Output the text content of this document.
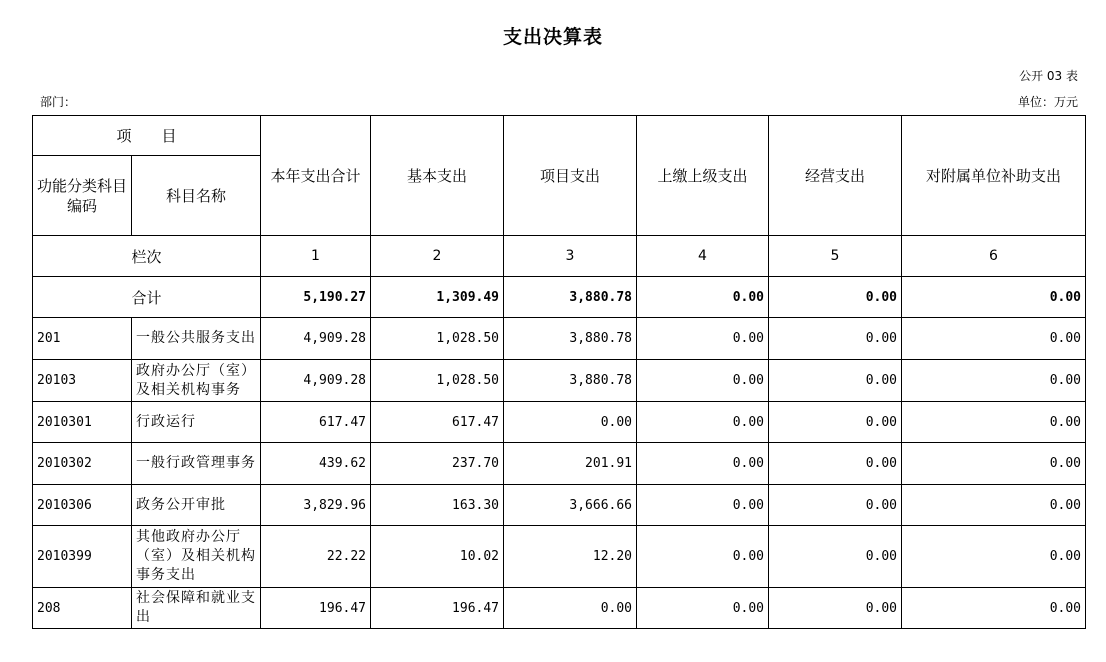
支出决算表
公开 03 表
部门：	单位：万元
项　　目		本年支出合计	基本支出	项目支出	上缴上级支出	经营支出	对附属单位补助支出
功能分类科目编码	科目名称						
栏次		1	2	3	4	5	6
合计		5,190.27	1,309.49	3,880.78	0.00	0.00	0.00
201	一般公共服务支出	4,909.28	1,028.50	3,880.78	0.00	0.00	0.00
20103	政府办公厅（室）及相关机构事务	4,909.28	1,028.50	3,880.78	0.00	0.00	0.00
2010301	行政运行	617.47	617.47	0.00	0.00	0.00	0.00
2010302	一般行政管理事务	439.62	237.70	201.91	0.00	0.00	0.00
2010306	政务公开审批	3,829.96	163.30	3,666.66	0.00	0.00	0.00
2010399	其他政府办公厅（室）及相关机构事务支出	22.22	10.02	12.20	0.00	0.00	0.00
208	社会保障和就业支出	196.47	196.47	0.00	0.00	0.00	0.00
